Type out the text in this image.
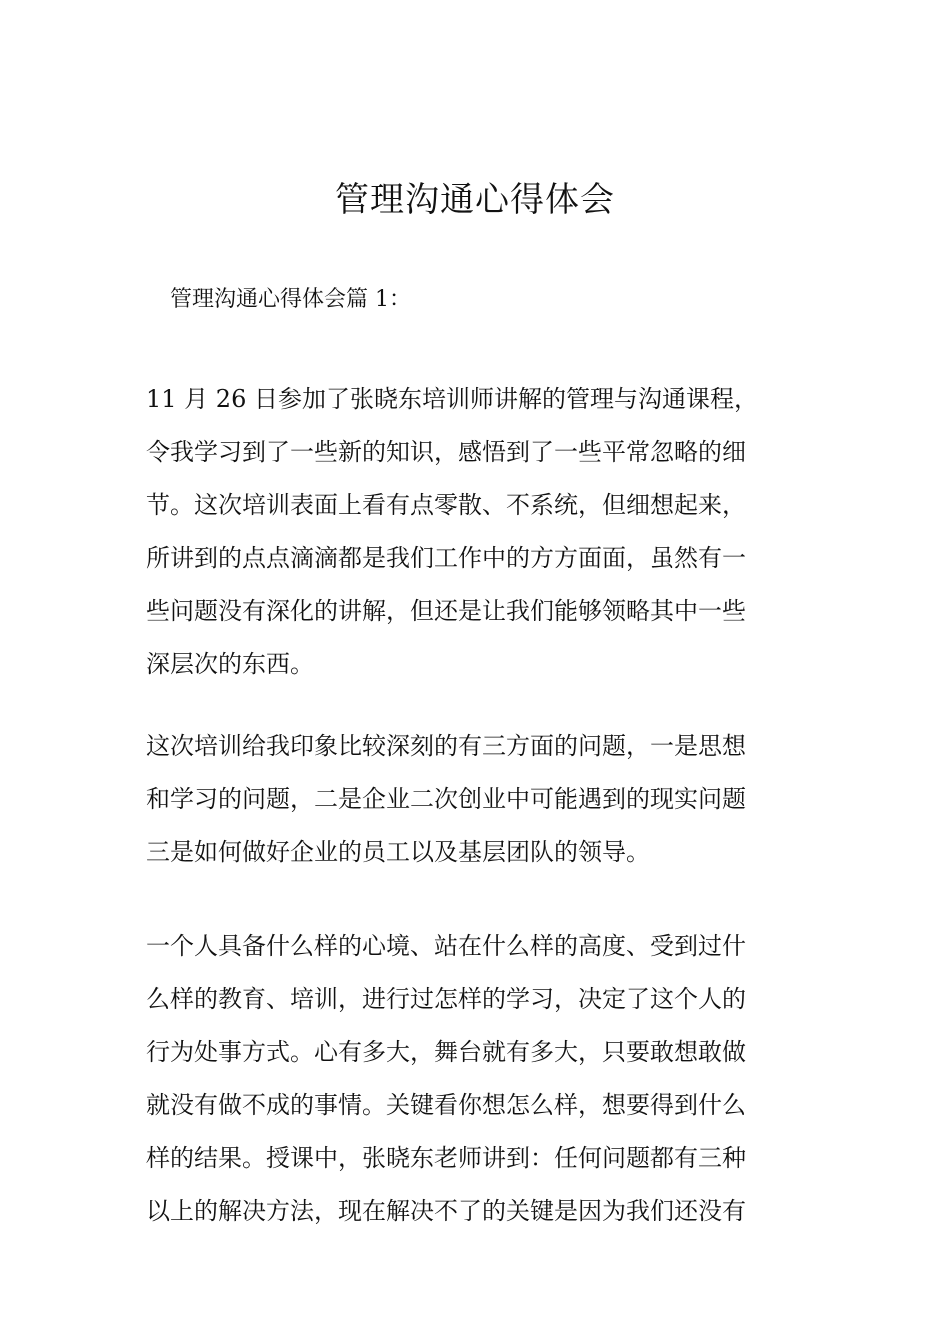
管理沟通心得体会
管理沟通心得体会篇 1：
11 月 26 日参加了张晓东培训师讲解的管理与沟通课程，
令我学习到了一些新的知识，感悟到了一些平常忽略的细
节。这次培训表面上看有点零散、不系统，但细想起来，
所讲到的点点滴滴都是我们工作中的方方面面，虽然有一
些问题没有深化的讲解，但还是让我们能够领略其中一些
深层次的东西。
这次培训给我印象比较深刻的有三方面的问题，一是思想
和学习的问题，二是企业二次创业中可能遇到的现实问题
三是如何做好企业的员工以及基层团队的领导。
一个人具备什么样的心境、站在什么样的高度、受到过什
么样的教育、培训，进行过怎样的学习，决定了这个人的
行为处事方式。心有多大，舞台就有多大，只要敢想敢做
就没有做不成的事情。关键看你想怎么样，想要得到什么
样的结果。授课中，张晓东老师讲到：任何问题都有三种
以上的解决方法，现在解决不了的关键是因为我们还没有
